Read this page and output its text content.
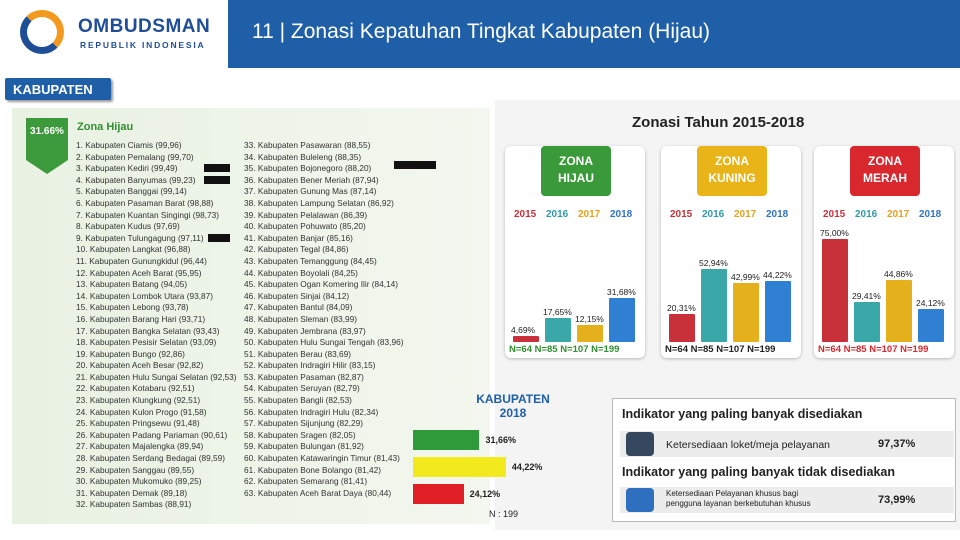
OMBUDSMAN
REPUBLIK INDONESIA
11 | Zonasi Kepatuhan Tingkat Kabupaten (Hijau)
KABUPATEN
31.66%	Zona Hijau
1. Kabupaten Ciamis (99,96)
2. Kabupaten Pemalang (99,70)
3. Kabupaten Kediri (99,49)
4. Kabupaten Banyumas (99,23)
5. Kabupaten Banggai (99,14)
6. Kabupaten Pasaman Barat (98,88)
7. Kabupaten Kuantan Singingi (98,73)
8. Kabupaten Kudus (97,69)
9. Kabupaten Tulungagung (97,11)
10. Kabupaten Langkat (96,88)
11. Kabupaten Gunungkidul (96,44)
12. Kabupaten Aceh Barat (95,95)
13. Kabupaten Batang (94,05)
14. Kabupaten Lombok Utara (93,87)
15. Kabupaten Lebong (93,78)
16. Kabupaten Barang Hari (93,71)
17. Kabupaten Bangka Selatan (93,43)
18. Kabupaten Pesisir Selatan (93,09)
19. Kabupaten Bungo (92,86)
20. Kabupaten Aceh Besar (92,82)
21. Kabupaten Hulu Sungai Selatan (92,53)
22. Kabupaten Kotabaru (92,51)
23. Kabupaten Klungkung (92,51)
24. Kabupaten Kulon Progo (91,58)
25. Kabupaten Pringsewu (91,48)
26. Kabupaten Padang Pariaman (90,61)
27. Kabupaten Majalengka (89,94)
28. Kabupaten Serdang Bedagai (89,59)
29. Kabupaten Sanggau (89,55)
30. Kabupaten Mukomuko (89,25)
31. Kabupaten Demak (89,18)
32. Kabupaten Sambas (88,91)
33. Kabupaten Pasawaran (88,55)
34. Kabupaten Buleleng (88,35)
35. Kabupaten Bojonegoro (88,20)
36. Kabupaten Bener Meriah (87,94)
37. Kabupaten Gunung Mas (87,14)
38. Kabupaten Lampung Selatan (86,92)
39. Kabupaten Pelalawan (86,39)
40. Kabupaten Pohuwato (85,20)
41. Kabupaten Banjar (85,16)
42. Kabupaten Tegal (84,86)
43. Kabupaten Temanggung (84,45)
44. Kabupaten Boyolali (84,25)
45. Kabupaten Ogan Komering Ilir (84,14)
46. Kabupaten Sinjai (84,12)
47. Kabupaten Bantul (84,09)
48. Kabupaten Sleman (83,99)
49. Kabupaten Jembrana (83,97)
50. Kabupaten Hulu Sungai Tengah (83,96)
51. Kabupaten Berau (83,69)
52. Kabupaten Indragiri Hilir (83,15)
53. Kabupaten Pasaman (82,87)
54. Kabupaten Seruyan (82,79)
55. Kabupaten Bangli (82,53)
56. Kabupaten Indragiri Hulu (82,34)
57. Kabupaten Sijunjung (82,29)
58. Kabupaten Sragen (82,05)
59. Kabupaten Bulungan (81,92)
60. Kabupaten Katawaringin Timur (81,43)
61. Kabupaten Bone Bolango (81,42)
62. Kabupaten Semarang (81,41)
63. Kabupaten Aceh Barat Daya (80,44)
Zonasi Tahun 2015-2018
ZONA
HIJAU
2015 2016 2017 2018
4,69%
17,65%
12,15%
31,68%
N=64 N=85 N=107 N=199
ZONA
KUNING
2015 2016 2017 2018
20,31%
52,94%
42,99% 44,22%
N=64 N=85 N=107 N=199
ZONA
MERAH
2015 2016 2017 2018
75,00%
29,41%
44,86%
24,12%
N=64 N=85 N=107 N=199
KABUPATEN
2018
31,66%
44,22%
24,12%
N : 199
Indikator yang paling banyak disediakan
Ketersediaan loket/meja pelayanan	97,37%
Indikator yang paling banyak tidak disediakan
Ketersediaan Pelayanan khusus bagi
pengguna layanan berkebutuhan khusus	73,99%
